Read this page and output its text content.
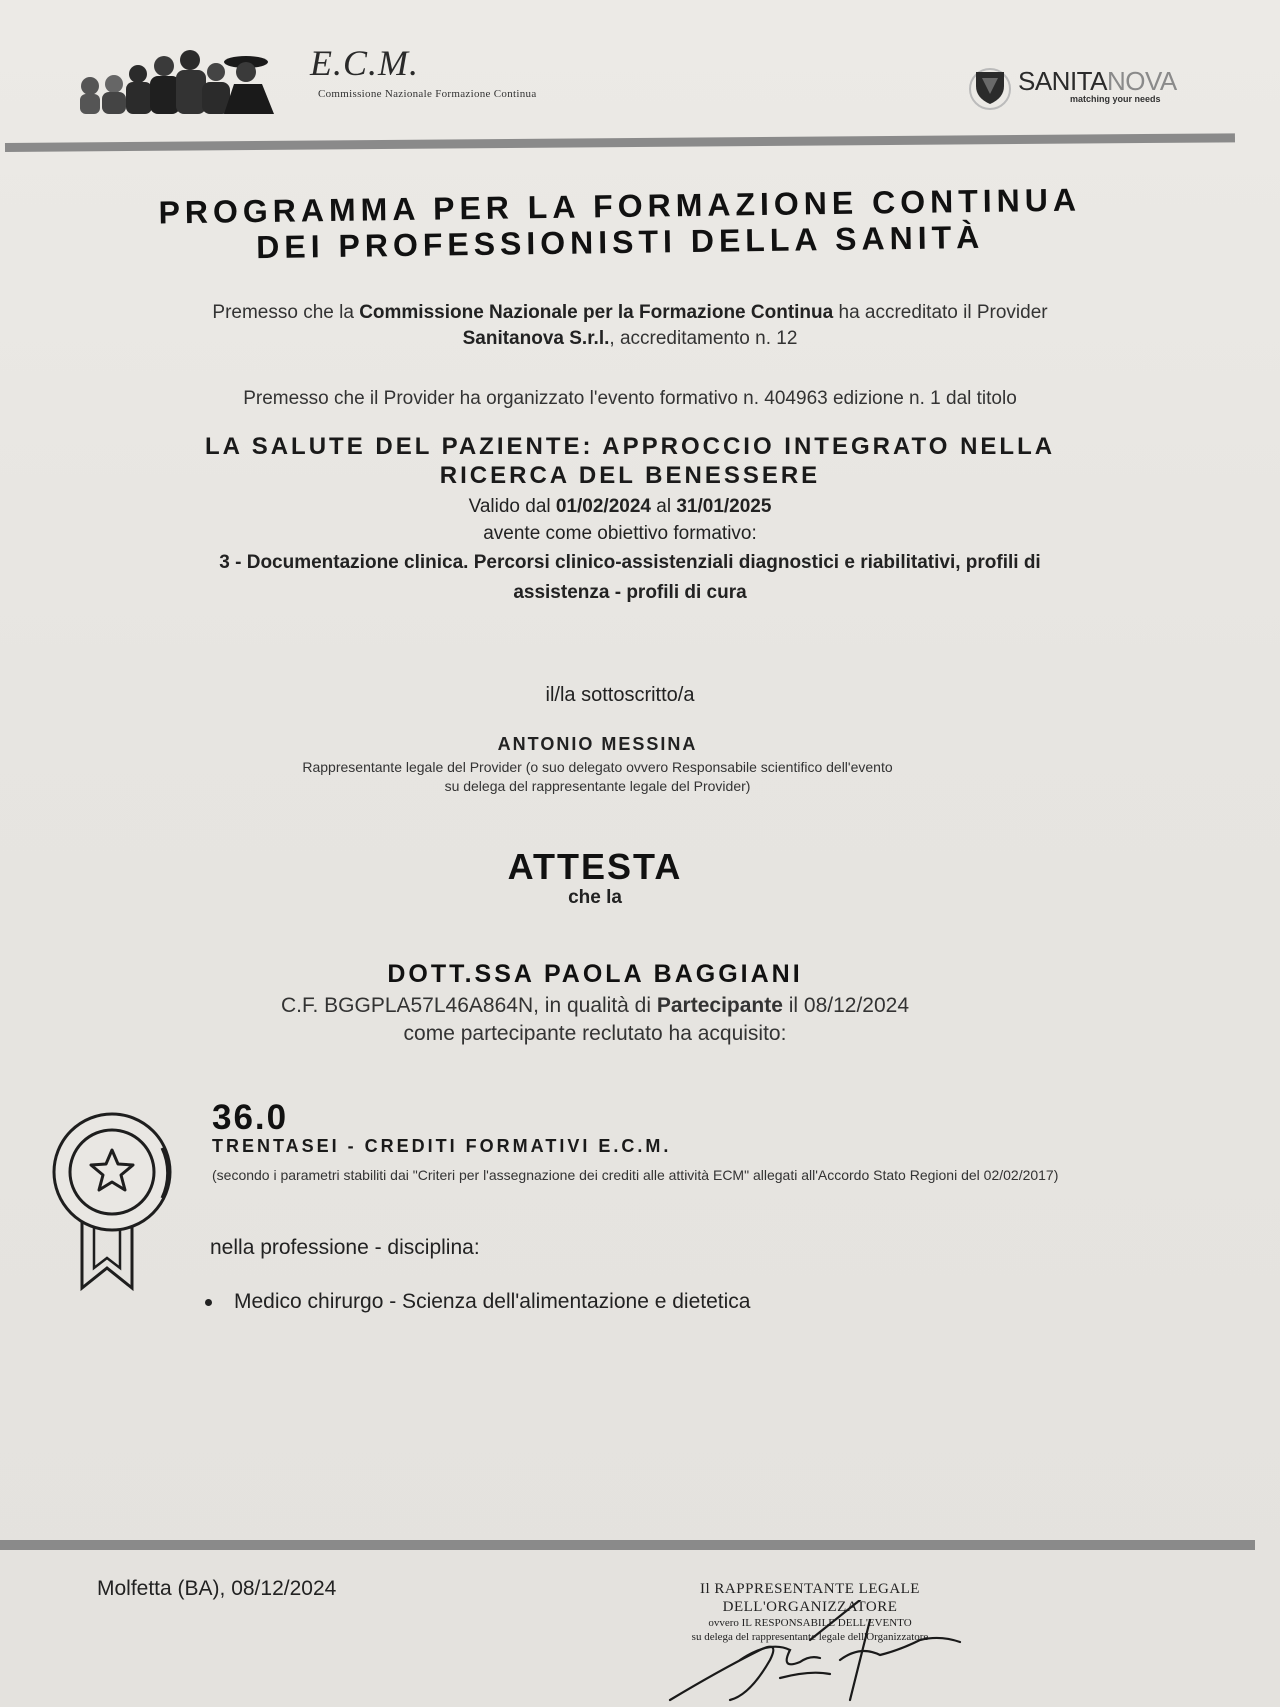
E.C.M.
Commissione Nazionale Formazione Continua	SANITANOVA
matching your needs
PROGRAMMA PER LA FORMAZIONE CONTINUA
DEI PROFESSIONISTI DELLA SANITÀ
Premesso che la Commissione Nazionale per la Formazione Continua ha accreditato il Provider
Sanitanova S.r.l., accreditamento n. 12
Premesso che il Provider ha organizzato l'evento formativo n. 404963 edizione n. 1 dal titolo
LA SALUTE DEL PAZIENTE: APPROCCIO INTEGRATO NELLA
RICERCA DEL BENESSERE
Valido dal 01/02/2024 al 31/01/2025
avente come obiettivo formativo:
3 - Documentazione clinica. Percorsi clinico-assistenziali diagnostici e riabilitativi, profili di
assistenza - profili di cura
il/la sottoscritto/a
ANTONIO MESSINA
Rappresentante legale del Provider (o suo delegato ovvero Responsabile scientifico dell'evento
su delega del rappresentante legale del Provider)
ATTESTA
che la
DOTT.SSA PAOLA BAGGIANI
C.F. BGGPLA57L46A864N, in qualità di Partecipante il 08/12/2024
come partecipante reclutato ha acquisito:
36.0
TRENTASEI - CREDITI FORMATIVI E.C.M.
(secondo i parametri stabiliti dai "Criteri per l'assegnazione dei crediti alle attività ECM" allegati all'Accordo Stato Regioni del 02/02/2017)
nella professione - disciplina:
Medico chirurgo - Scienza dell'alimentazione e dietetica
Molfetta (BA), 08/12/2024	Il RAPPRESENTANTE LEGALE
DELL'ORGANIZZATORE
ovvero IL RESPONSABILE DELL'EVENTO
su delega del rappresentante legale dell'Organizzatore
